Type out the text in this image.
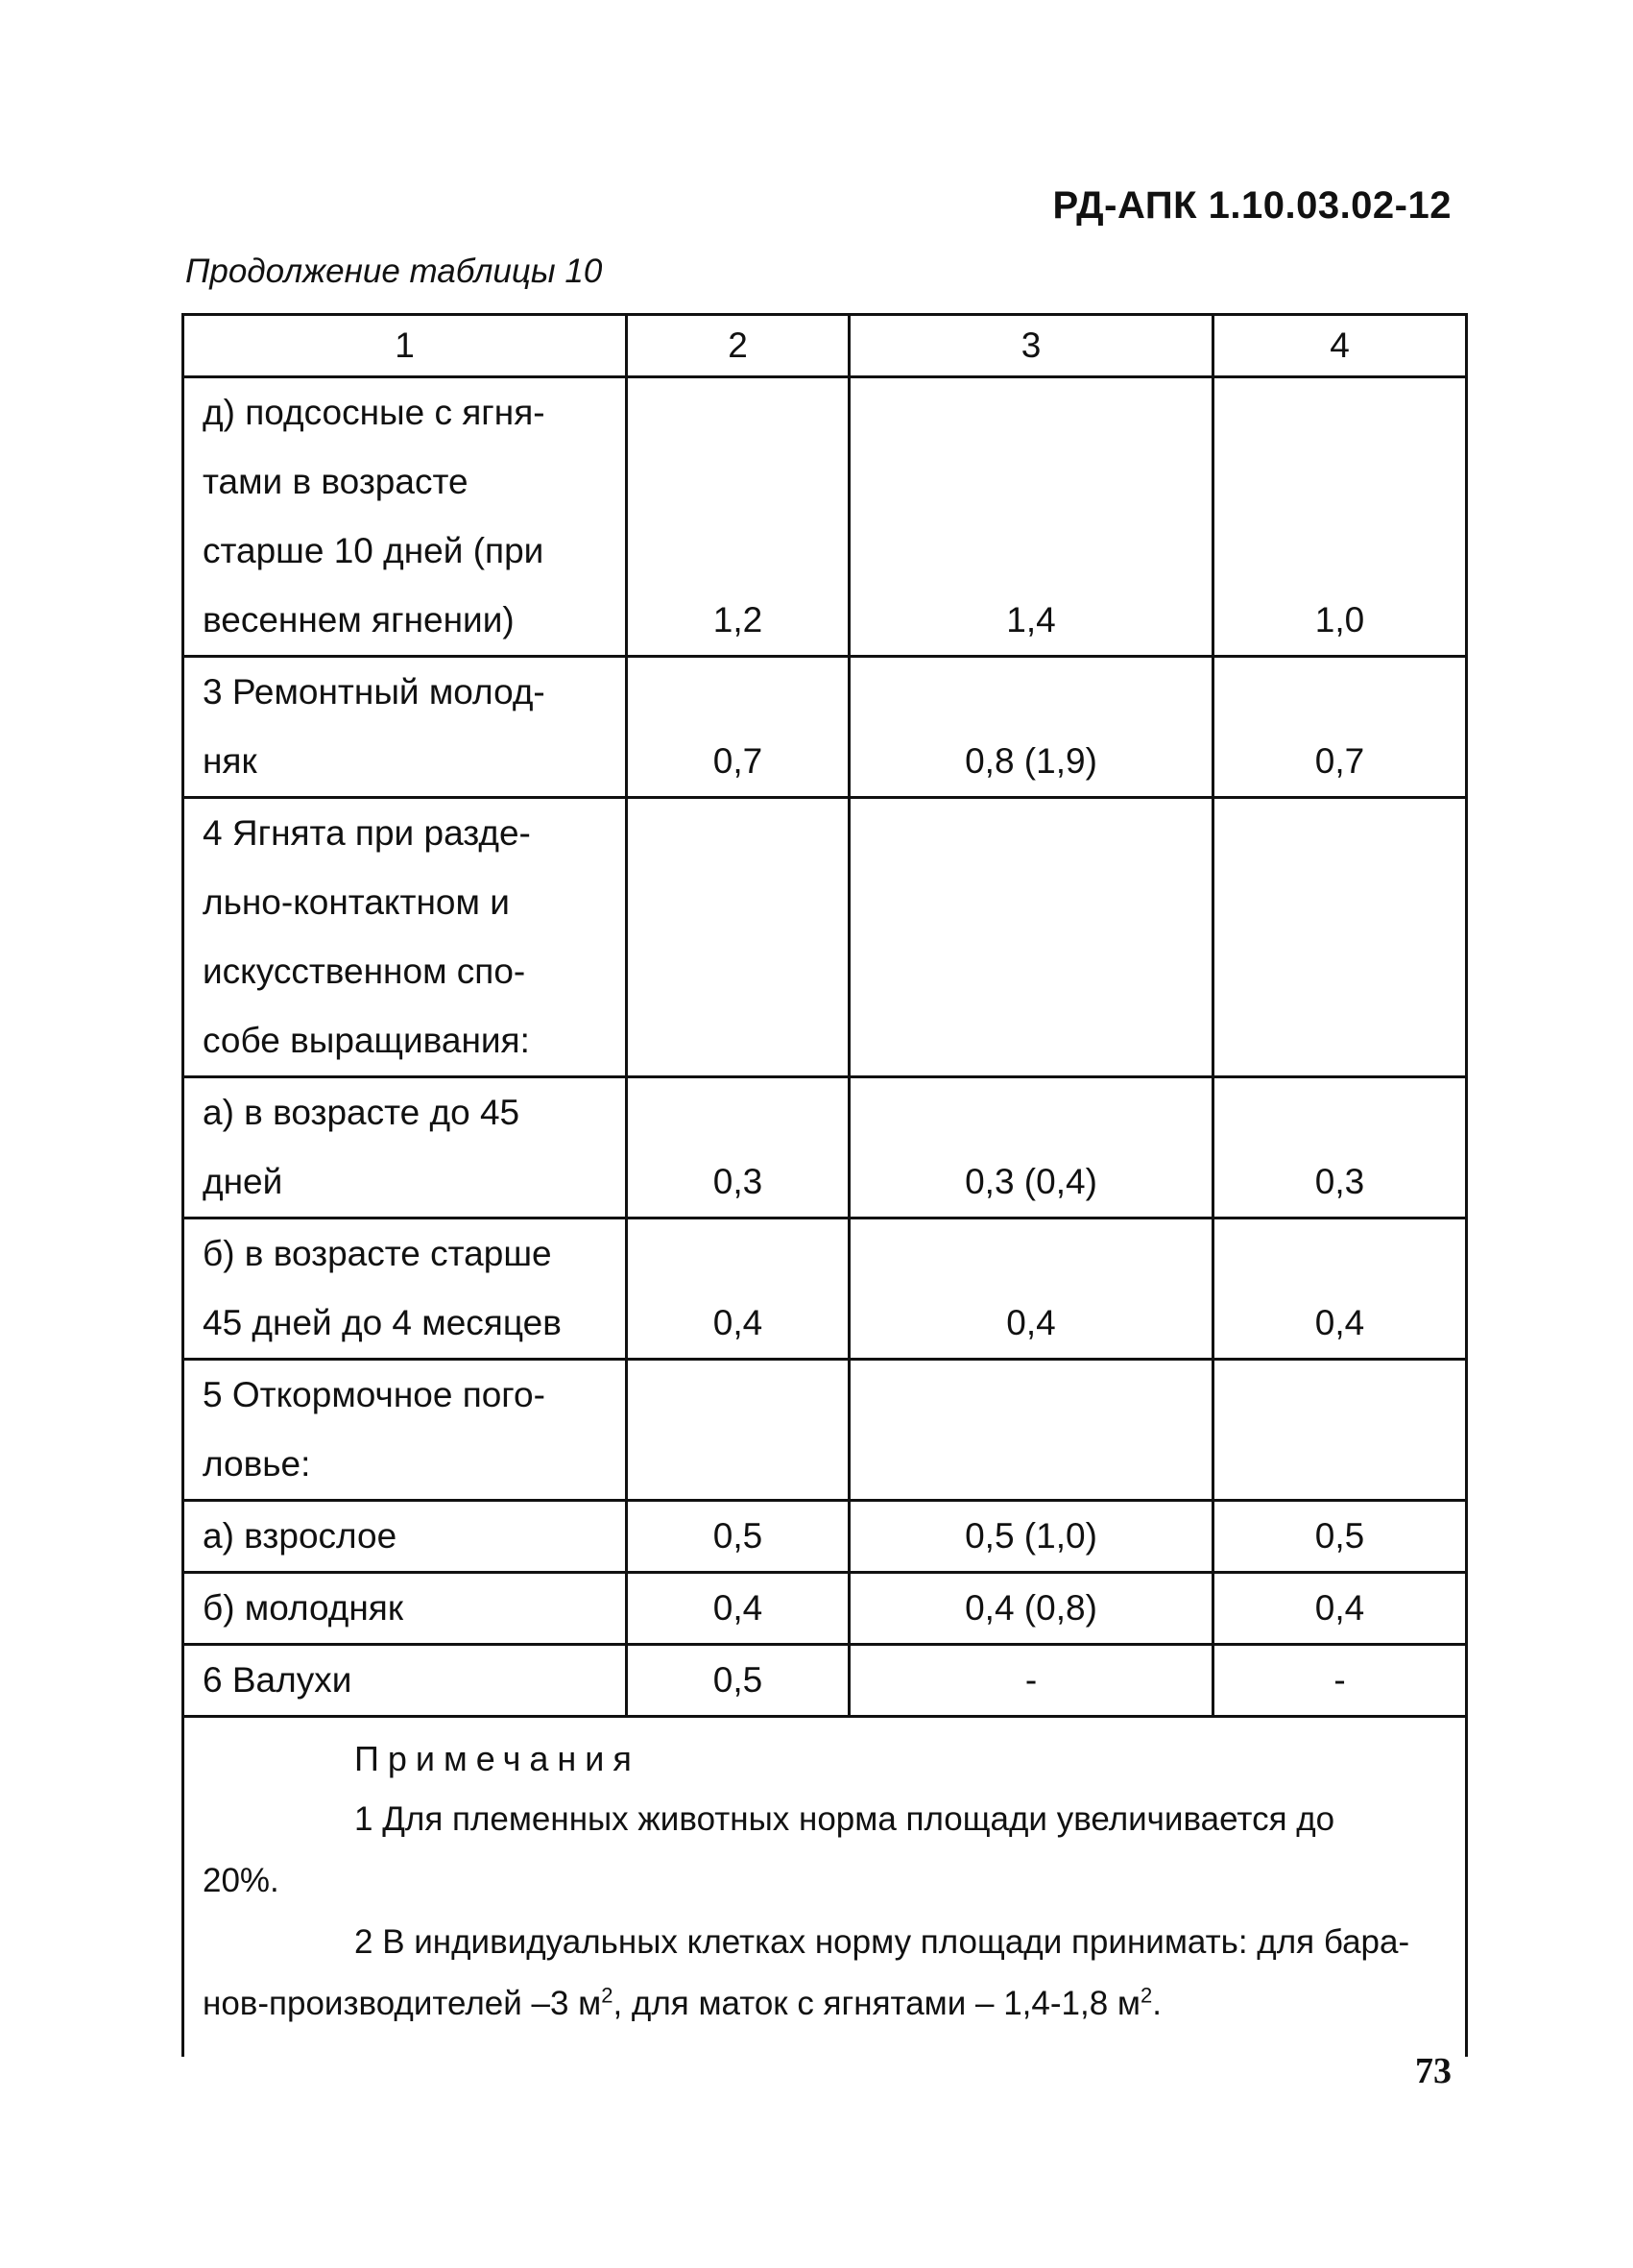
РД-АПК 1.10.03.02-12
Продолжение таблицы 10
1	2	3	4

д) подсосные с ягня-
тами в возрасте
старше 10 дней (при
весеннем ягнении)	1,2	1,4	1,0

3 Ремонтный молод-
няк	0,7	0,8 (1,9)	0,7

4 Ягнята при разде-
льно-контактном и
искусственном спо-
собе выращивания:			

а) в возрасте до 45
дней	0,3	0,3 (0,4)	0,3

б) в возрасте старше
45 дней до 4 месяцев	0,4	0,4	0,4

5 Откормочное пого-
ловье:			

а) взрослое	0,5	0,5 (1,0)	0,5

б) молодняк	0,4	0,4 (0,8)	0,4

6 Валухи	0,5	-	-

Примечания

1 Для племенных животных норма площади увеличивается до

20%.

2 В индивидуальных клетках норму площади принимать: для бара-

нов-производителей –3 $м^2$, для маток с ягнятами – 1,4-1,8 $м^2$.			

73
